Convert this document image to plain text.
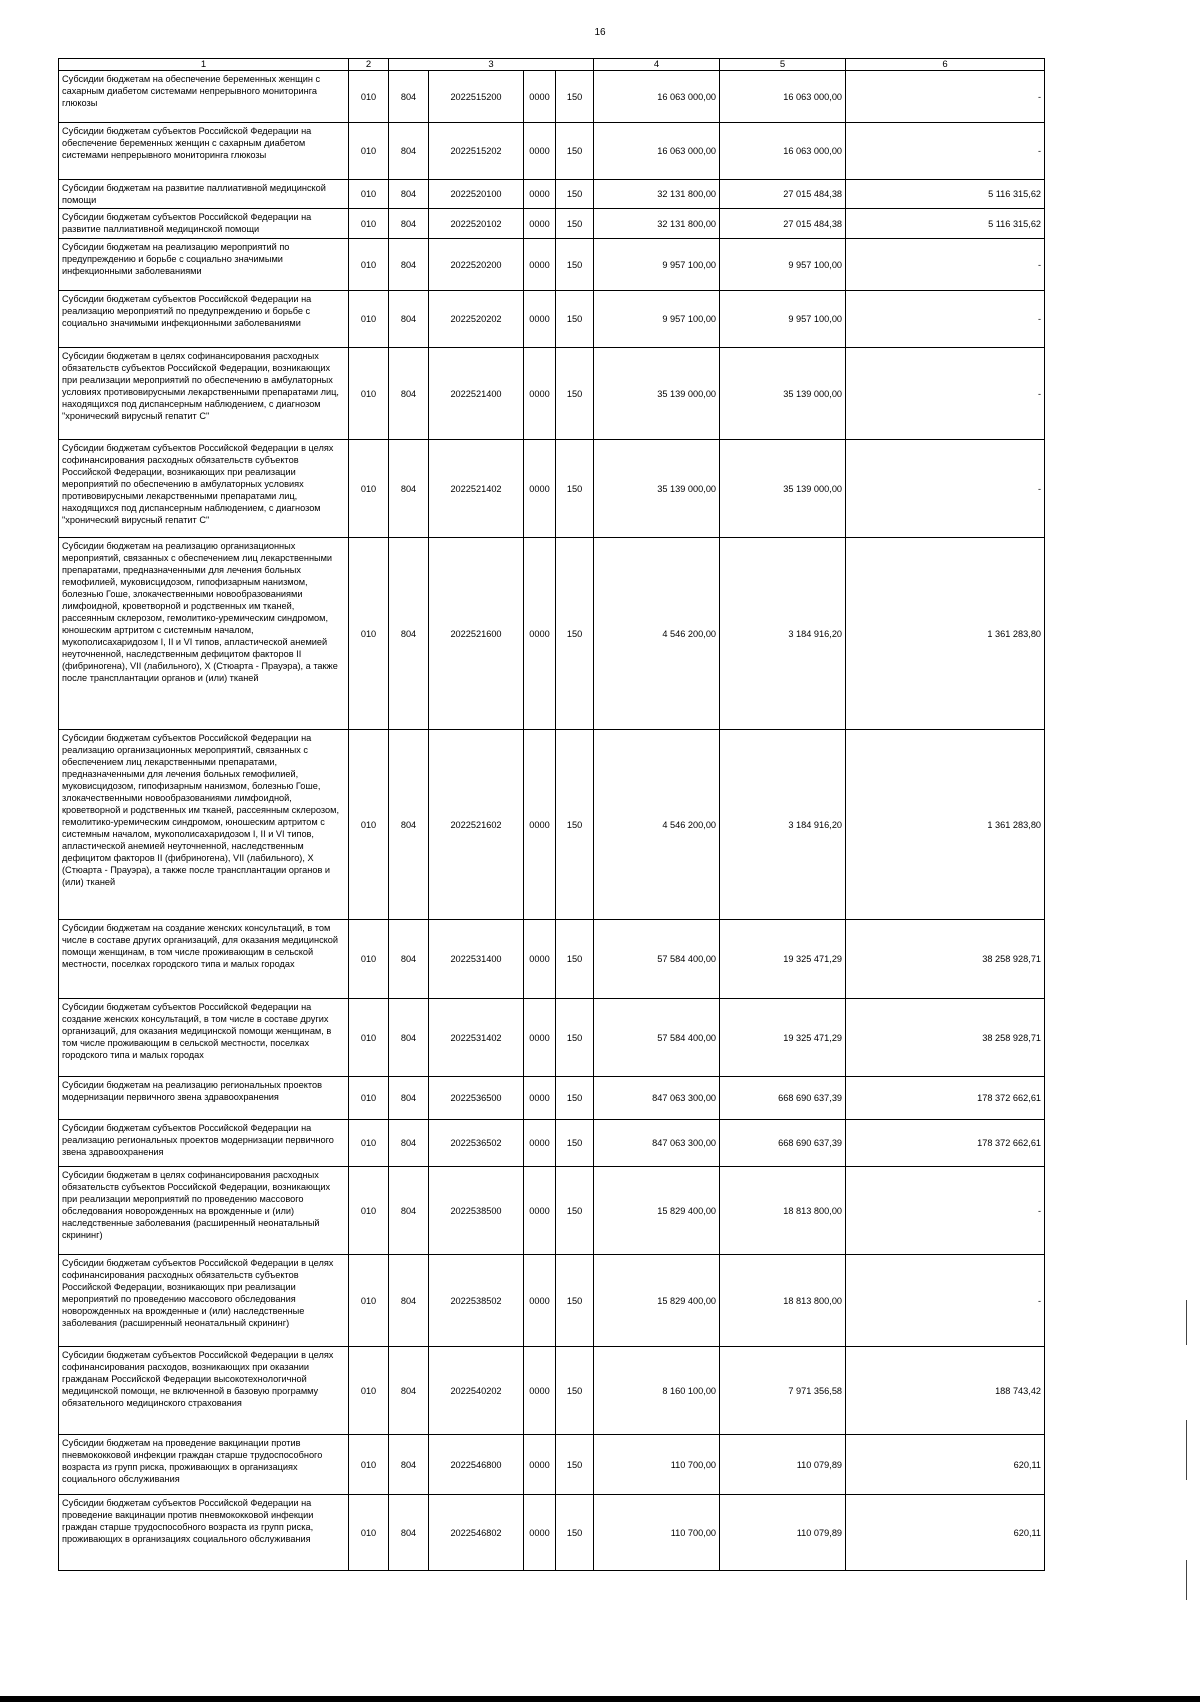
16
1	2	3				4	5	6
Субсидии бюджетам на обеспечение беременных женщин с сахарным диабетом системами непрерывного мониторинга глюкозы	010	804	2022515200	0000	150	16 063 000,00	16 063 000,00	-
Субсидии бюджетам субъектов Российской Федерации на обеспечение беременных женщин с сахарным диабетом системами непрерывного мониторинга глюкозы	010	804	2022515202	0000	150	16 063 000,00	16 063 000,00	-
Субсидии бюджетам на развитие паллиативной медицинской помощи	010	804	2022520100	0000	150	32 131 800,00	27 015 484,38	5 116 315,62
Субсидии бюджетам субъектов Российской Федерации на развитие паллиативной медицинской помощи	010	804	2022520102	0000	150	32 131 800,00	27 015 484,38	5 116 315,62
Субсидии бюджетам на реализацию мероприятий по предупреждению и борьбе с социально значимыми инфекционными заболеваниями	010	804	2022520200	0000	150	9 957 100,00	9 957 100,00	-
Субсидии бюджетам субъектов Российской Федерации на реализацию мероприятий по предупреждению и борьбе с социально значимыми инфекционными заболеваниями	010	804	2022520202	0000	150	9 957 100,00	9 957 100,00	-
Субсидии бюджетам в целях софинансирования расходных обязательств субъектов Российской Федерации, возникающих при реализации мероприятий по обеспечению в амбулаторных условиях противовирусными лекарственными препаратами лиц, находящихся под диспансерным наблюдением, с диагнозом "хронический вирусный гепатит С"	010	804	2022521400	0000	150	35 139 000,00	35 139 000,00	-
Субсидии бюджетам субъектов Российской Федерации в целях софинансирования расходных обязательств субъектов Российской Федерации, возникающих при реализации мероприятий по обеспечению в амбулаторных условиях противовирусными лекарственными препаратами лиц, находящихся под диспансерным наблюдением, с диагнозом "хронический вирусный гепатит С"	010	804	2022521402	0000	150	35 139 000,00	35 139 000,00	-
Субсидии бюджетам на реализацию организационных мероприятий, связанных с обеспечением лиц лекарственными препаратами, предназначенными для лечения больных гемофилией, муковисцидозом, гипофизарным нанизмом, болезнью Гоше, злокачественными новообразованиями лимфоидной, кроветворной и родственных им тканей, рассеянным склерозом, гемолитико-уремическим синдромом, юношеским артритом с системным началом, мукополисахаридозом I, II и VI типов, апластической анемией неуточненной, наследственным дефицитом факторов II (фибриногена), VII (лабильного), X (Стюарта - Прауэра), а также после трансплантации органов и (или) тканей	010	804	2022521600	0000	150	4 546 200,00	3 184 916,20	1 361 283,80
Субсидии бюджетам субъектов Российской Федерации на реализацию организационных мероприятий, связанных с обеспечением лиц лекарственными препаратами, предназначенными для лечения больных гемофилией, муковисцидозом, гипофизарным нанизмом, болезнью Гоше, злокачественными новообразованиями лимфоидной, кроветворной и родственных им тканей, рассеянным склерозом, гемолитико-уремическим синдромом, юношеским артритом с системным началом, мукополисахаридозом I, II и VI типов, апластической анемией неуточненной, наследственным дефицитом факторов II (фибриногена), VII (лабильного), X (Стюарта - Прауэра), а также после трансплантации органов и (или) тканей	010	804	2022521602	0000	150	4 546 200,00	3 184 916,20	1 361 283,80
Субсидии бюджетам на создание женских консультаций, в том числе в составе других организаций, для оказания медицинской помощи женщинам, в том числе проживающим в сельской местности, поселках городского типа и малых городах	010	804	2022531400	0000	150	57 584 400,00	19 325 471,29	38 258 928,71
Субсидии бюджетам субъектов Российской Федерации на создание женских консультаций, в том числе в составе других организаций, для оказания медицинской помощи женщинам, в том числе проживающим в сельской местности, поселках городского типа и малых городах	010	804	2022531402	0000	150	57 584 400,00	19 325 471,29	38 258 928,71
Субсидии бюджетам на реализацию региональных проектов модернизации первичного звена здравоохранения	010	804	2022536500	0000	150	847 063 300,00	668 690 637,39	178 372 662,61
Субсидии бюджетам субъектов Российской Федерации на реализацию региональных проектов модернизации первичного звена здравоохранения	010	804	2022536502	0000	150	847 063 300,00	668 690 637,39	178 372 662,61
Субсидии бюджетам в целях софинансирования расходных обязательств субъектов Российской Федерации, возникающих при реализации мероприятий по проведению массового обследования новорожденных на врожденные и (или) наследственные заболевания (расширенный неонатальный скрининг)	010	804	2022538500	0000	150	15 829 400,00	18 813 800,00	-
Субсидии бюджетам субъектов Российской Федерации в целях софинансирования расходных обязательств субъектов Российской Федерации, возникающих при реализации мероприятий по проведению массового обследования новорожденных на врожденные и (или) наследственные заболевания (расширенный неонатальный скрининг)	010	804	2022538502	0000	150	15 829 400,00	18 813 800,00	-
Субсидии бюджетам субъектов Российской Федерации в целях софинансирования расходов, возникающих при оказании гражданам Российской Федерации высокотехнологичной медицинской помощи, не включенной в базовую программу обязательного медицинского страхования	010	804	2022540202	0000	150	8 160 100,00	7 971 356,58	188 743,42
Субсидии бюджетам на проведение вакцинации против пневмококковой инфекции граждан старше трудоспособного возраста из групп риска, проживающих в организациях социального обслуживания	010	804	2022546800	0000	150	110 700,00	110 079,89	620,11
Субсидии бюджетам субъектов Российской Федерации на проведение вакцинации против пневмококковой инфекции граждан старше трудоспособного возраста из групп риска, проживающих в организациях социального обслуживания	010	804	2022546802	0000	150	110 700,00	110 079,89	620,11
